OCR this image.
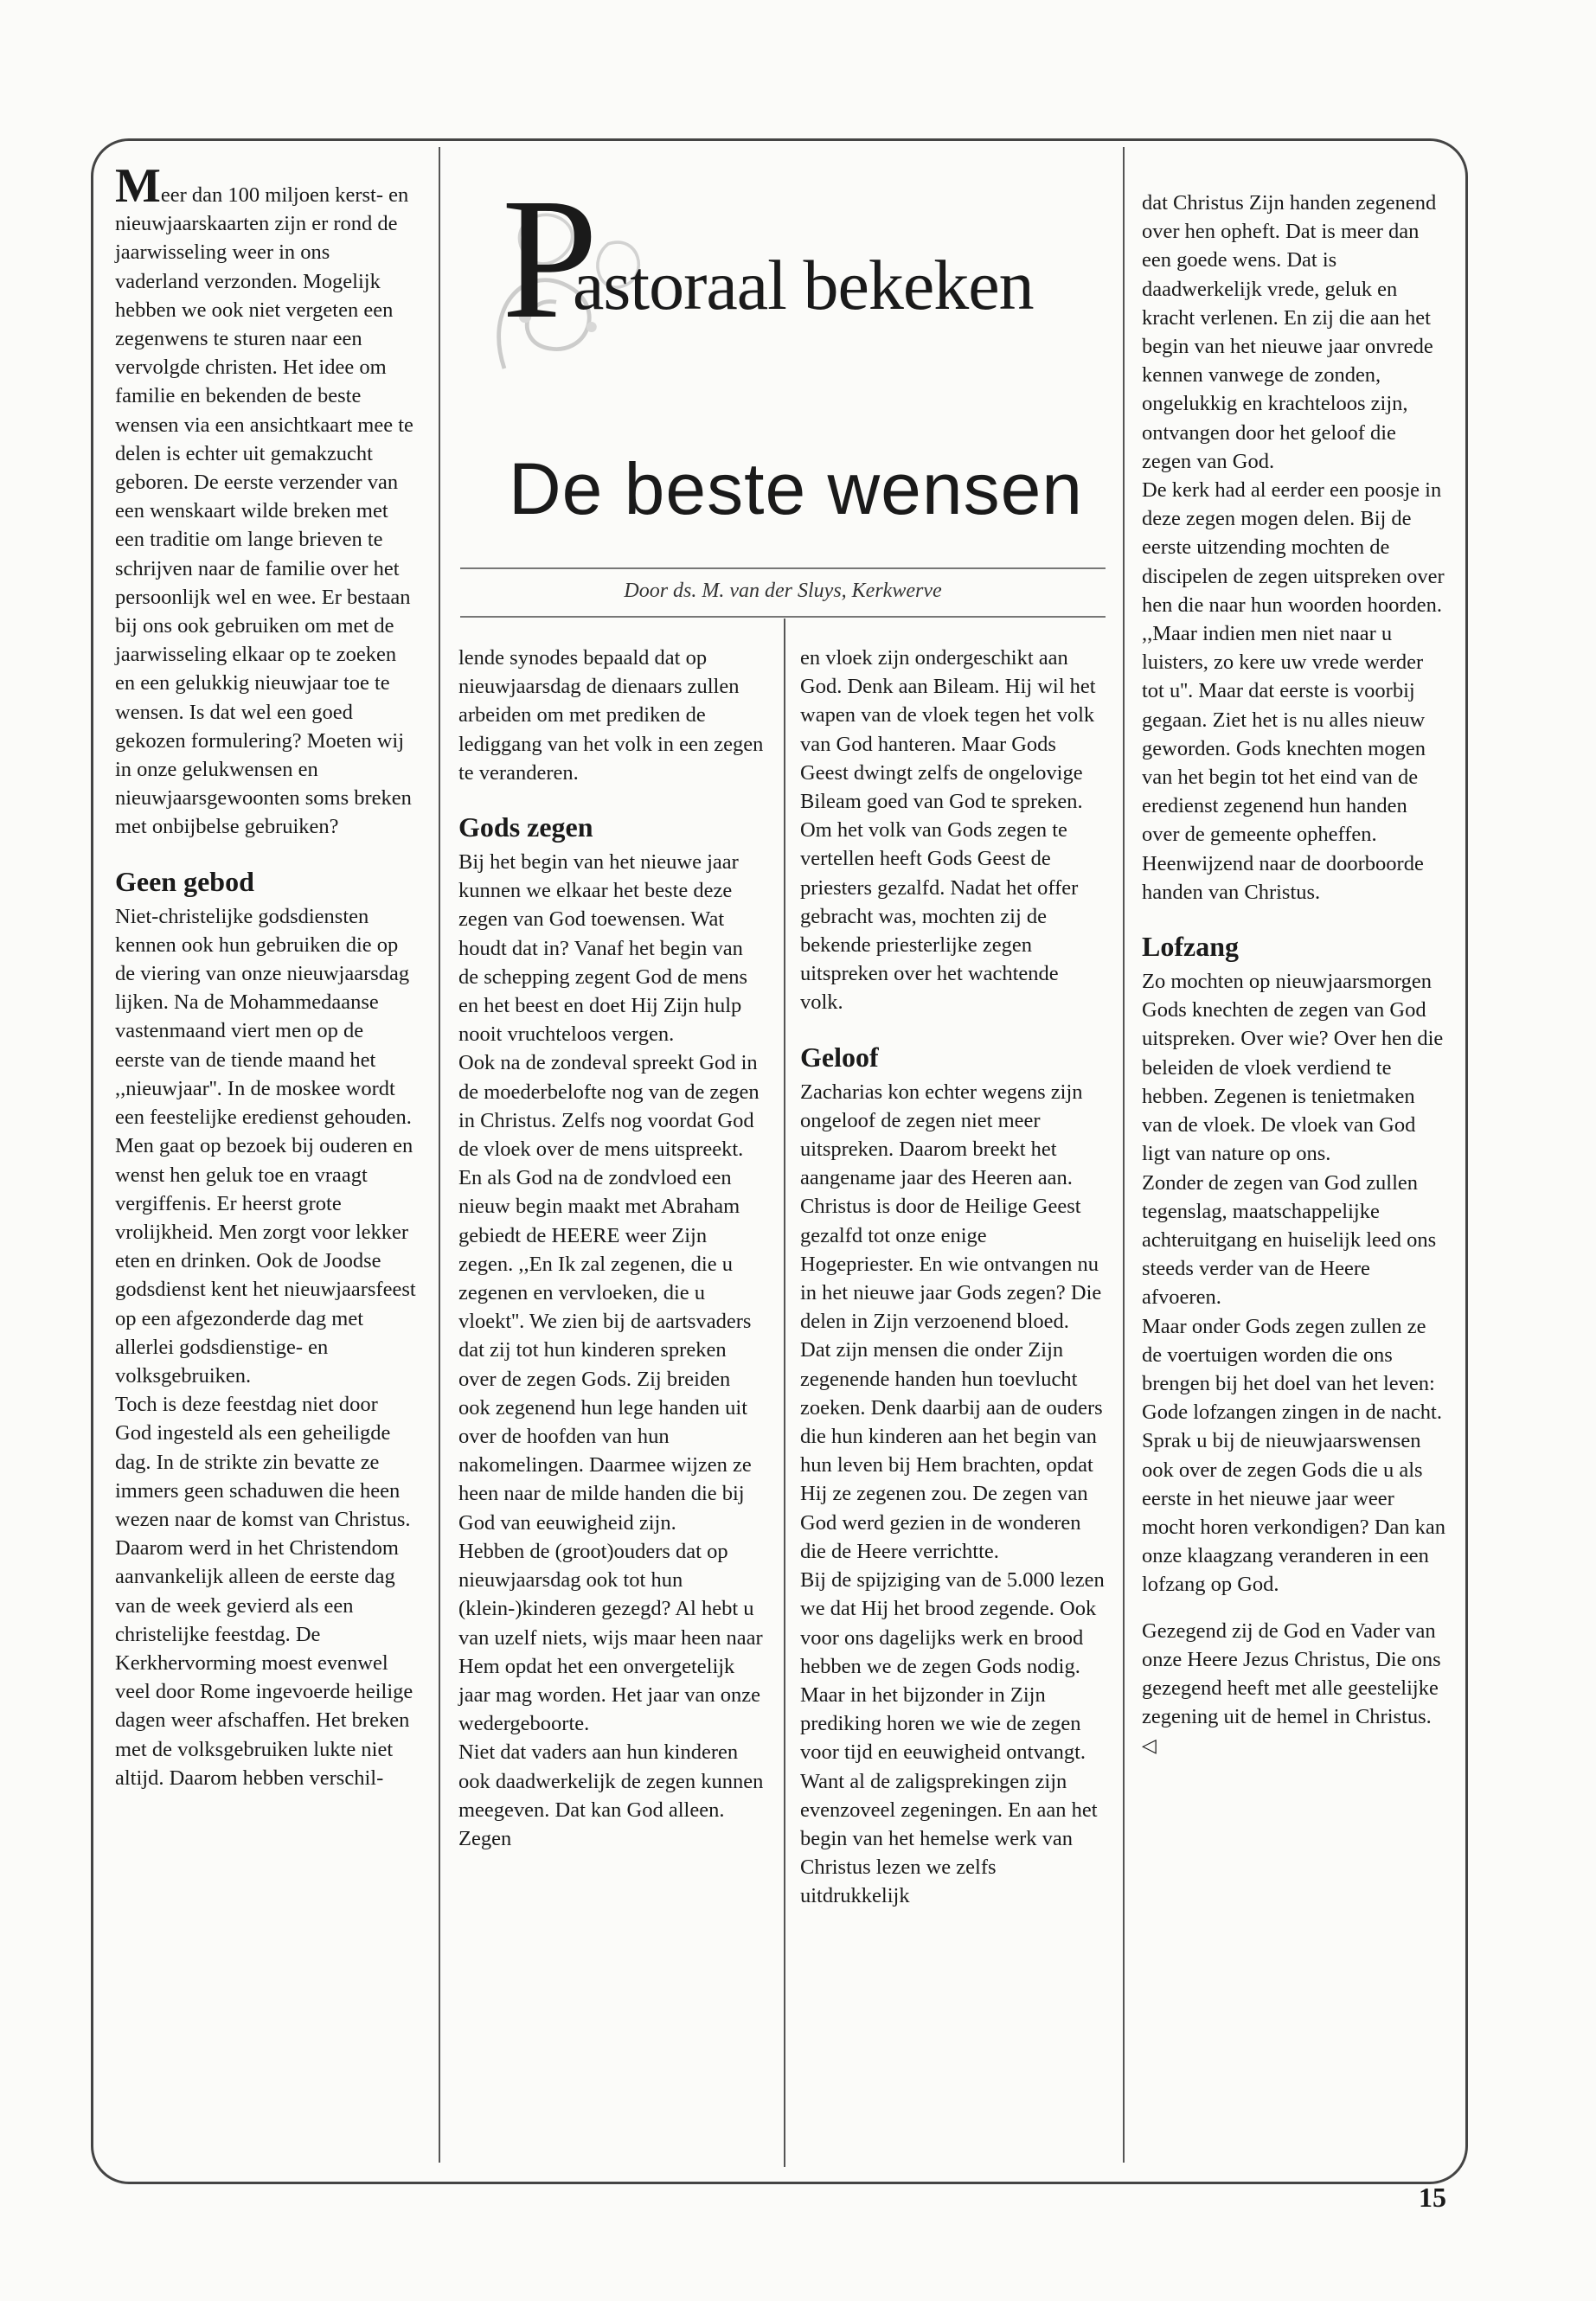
P
astoraal bekeken
De beste wensen
Door ds. M. van der Sluys, Kerkwerve

Meer dan 100 miljoen kerst- en nieuwjaarskaarten zijn er rond de jaarwisseling weer in ons vaderland verzonden. Mogelijk hebben we ook niet vergeten een zegenwens te sturen naar een vervolgde christen. Het idee om familie en bekenden de beste wensen via een ansichtkaart mee te delen is echter uit gemakzucht geboren. De eerste verzender van een wenskaart wilde breken met een traditie om lange brieven te schrijven naar de familie over het persoonlijk wel en wee. Er bestaan bij ons ook gebruiken om met de jaarwisseling elkaar op te zoeken en een gelukkig nieuwjaar toe te wensen. Is dat wel een goed gekozen formulering? Moeten wij in onze gelukwensen en nieuwjaarsgewoonten soms breken met onbijbelse gebruiken?

Geen gebod

Niet-christelijke godsdiensten kennen ook hun gebruiken die op de viering van onze nieuwjaarsdag lijken. Na de Mohammedaanse vastenmaand viert men op de eerste van de tiende maand het ,,nieuwjaar''. In de moskee wordt een feestelijke eredienst gehouden. Men gaat op bezoek bij ouderen en wenst hen geluk toe en vraagt vergiffenis. Er heerst grote vrolijkheid. Men zorgt voor lekker eten en drinken. Ook de Joodse godsdienst kent het nieuwjaarsfeest op een afgezonderde dag met allerlei godsdienstige- en volksgebruiken.

Toch is deze feestdag niet door God ingesteld als een geheiligde dag. In de strikte zin bevatte ze immers geen schaduwen die heen wezen naar de komst van Christus. Daarom werd in het Christendom aanvankelijk alleen de eerste dag van de week gevierd als een christelijke feestdag. De Kerkhervorming moest evenwel veel door Rome ingevoerde heilige dagen weer afschaffen. Het breken met de volksgebruiken lukte niet altijd. Daarom hebben verschil-

lende synodes bepaald dat op nieuwjaarsdag de dienaars zullen arbeiden om met prediken de lediggang van het volk in een zegen te veranderen.

Gods zegen

Bij het begin van het nieuwe jaar kunnen we elkaar het beste deze zegen van God toewensen. Wat houdt dat in? Vanaf het begin van de schepping zegent God de mens en het beest en doet Hij Zijn hulp nooit vruchteloos vergen.

Ook na de zondeval spreekt God in de moederbelofte nog van de zegen in Christus. Zelfs nog voordat God de vloek over de mens uitspreekt. En als God na de zondvloed een nieuw begin maakt met Abraham gebiedt de HEERE weer Zijn zegen. ,,En Ik zal zegenen, die u zegenen en vervloeken, die u vloekt''. We zien bij de aartsvaders dat zij tot hun kinderen spreken over de zegen Gods. Zij breiden ook zegenend hun lege handen uit over de hoofden van hun nakomelingen. Daarmee wijzen ze heen naar de milde handen die bij God van eeuwigheid zijn.

Hebben de (groot)ouders dat op nieuwjaarsdag ook tot hun (klein-)kinderen gezegd? Al hebt u van uzelf niets, wijs maar heen naar Hem opdat het een onvergetelijk jaar mag worden. Het jaar van onze wedergeboorte.

Niet dat vaders aan hun kinderen ook daadwerkelijk de zegen kunnen meegeven. Dat kan God alleen. Zegen

en vloek zijn ondergeschikt aan God. Denk aan Bileam. Hij wil het wapen van de vloek tegen het volk van God hanteren. Maar Gods Geest dwingt zelfs de ongelovige Bileam goed van God te spreken. Om het volk van Gods zegen te vertellen heeft Gods Geest de priesters gezalfd. Nadat het offer gebracht was, mochten zij de bekende priesterlijke zegen uitspreken over het wachtende volk.

Geloof

Zacharias kon echter wegens zijn ongeloof de zegen niet meer uitspreken. Daarom breekt het aangename jaar des Heeren aan. Christus is door de Heilige Geest gezalfd tot onze enige Hogepriester. En wie ontvangen nu in het nieuwe jaar Gods zegen? Die delen in Zijn verzoenend bloed. Dat zijn mensen die onder Zijn zegenende handen hun toevlucht zoeken. Denk daarbij aan de ouders die hun kinderen aan het begin van hun leven bij Hem brachten, opdat Hij ze zegenen zou. De zegen van God werd gezien in de wonderen die de Heere verrichtte.

Bij de spijziging van de 5.000 lezen we dat Hij het brood zegende. Ook voor ons dagelijks werk en brood hebben we de zegen Gods nodig. Maar in het bijzonder in Zijn prediking horen we wie de zegen voor tijd en eeuwigheid ontvangt. Want al de zaligsprekingen zijn evenzoveel zegeningen. En aan het begin van het hemelse werk van Christus lezen we zelfs uitdrukkelijk

dat Christus Zijn handen zegenend over hen opheft. Dat is meer dan een goede wens. Dat is daadwerkelijk vrede, geluk en kracht verlenen. En zij die aan het begin van het nieuwe jaar onvrede kennen vanwege de zonden, ongelukkig en krachteloos zijn, ontvangen door het geloof die zegen van God.

De kerk had al eerder een poosje in deze zegen mogen delen. Bij de eerste uitzending mochten de discipelen de zegen uitspreken over hen die naar hun woorden hoorden. ,,Maar indien men niet naar u luisters, zo kere uw vrede werder tot u''. Maar dat eerste is voorbij gegaan. Ziet het is nu alles nieuw geworden. Gods knechten mogen van het begin tot het eind van de eredienst zegenend hun handen over de gemeente opheffen. Heenwijzend naar de doorboorde handen van Christus.

Lofzang

Zo mochten op nieuwjaarsmorgen Gods knechten de zegen van God uitspreken. Over wie? Over hen die beleiden de vloek verdiend te hebben. Zegenen is tenietmaken van de vloek. De vloek van God ligt van nature op ons.

Zonder de zegen van God zullen tegenslag, maatschappelijke achteruitgang en huiselijk leed ons steeds verder van de Heere afvoeren.

Maar onder Gods zegen zullen ze de voertuigen worden die ons brengen bij het doel van het leven: Gode lofzangen zingen in de nacht. Sprak u bij de nieuwjaarswensen ook over de zegen Gods die u als eerste in het nieuwe jaar weer mocht horen verkondigen? Dan kan onze klaagzang veranderen in een lofzang op God.

Gezegend zij de God en Vader van onze Heere Jezus Christus, Die ons gezegend heeft met alle geestelijke zegening uit de hemel in Christus. ◁

15
